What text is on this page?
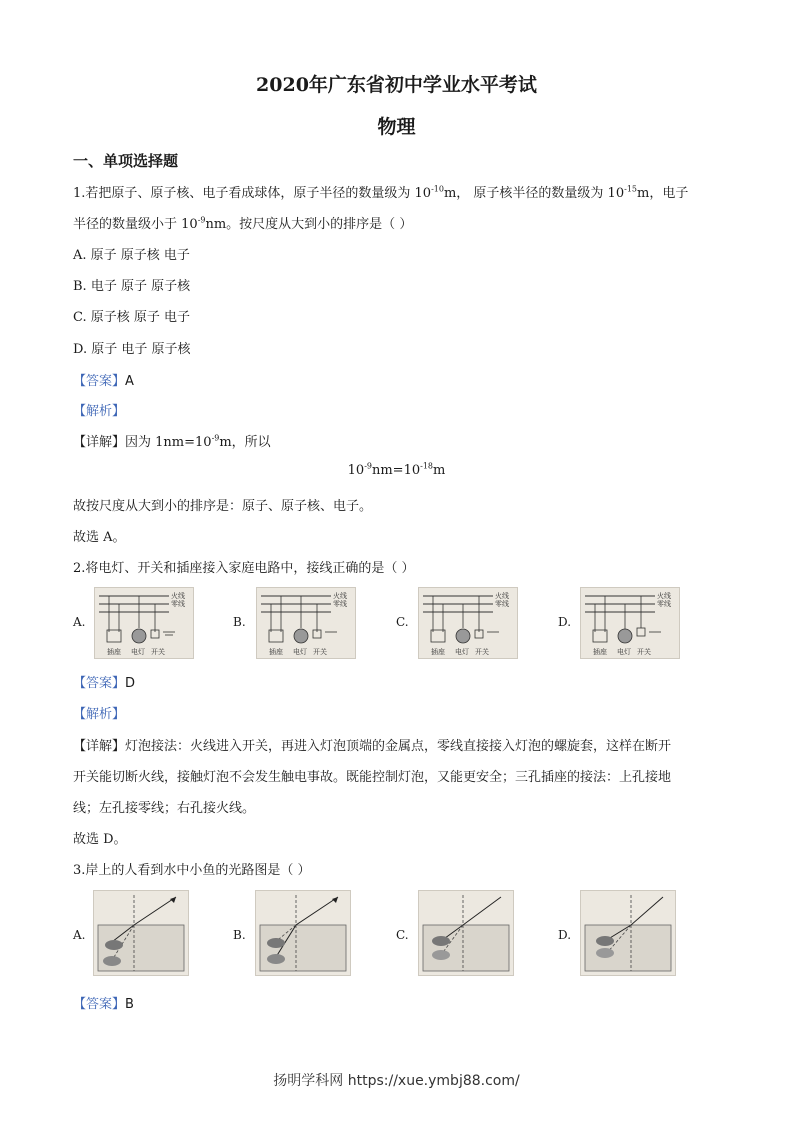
2020年广东省初中学业水平考试
物理
一、单项选择题
1.若把原子、原子核、电子看成球体，原子半径的数量级为 $10^{-10}m$， 原子核半径的数量级为 $10^{-15}m$，电子
半径的数量级小于 $10^{-9}nm$。按尺度从大到小的排序是（ ）
A. 原子 原子核 电子
B. 电子 原子 原子核
C. 原子核 原子 电子
D. 原子 电子 原子核
【答案】A
【解析】
【详解】因为 $1nm=10^{-9}m$，所以
$10^{-9}nm=10^{-18}m$
故按尺度从大到小的排序是：原子、原子核、电子。
故选 A。
2.将电灯、开关和插座接入家庭电路中，接线正确的是（ ）
A.	B.	C.	D.
火线
零线
插座 电灯 开关
火线
零线
插座 电灯 开关
火线
零线
插座 电灯 开关
火线
零线
插座 电灯 开关
【答案】D
【解析】
【详解】灯泡接法：火线进入开关，再进入灯泡顶端的金属点，零线直接接入灯泡的螺旋套，这样在断开
开关能切断火线，接触灯泡不会发生触电事故。既能控制灯泡，又能更安全；三孔插座的接法：上孔接地
线；左孔接零线；右孔接火线。
故选 D。
3.岸上的人看到水中小鱼的光路图是（ ）
A.	B.	C.	D.
【答案】B
扬明学科网 https://xue.ymbj88.com/
